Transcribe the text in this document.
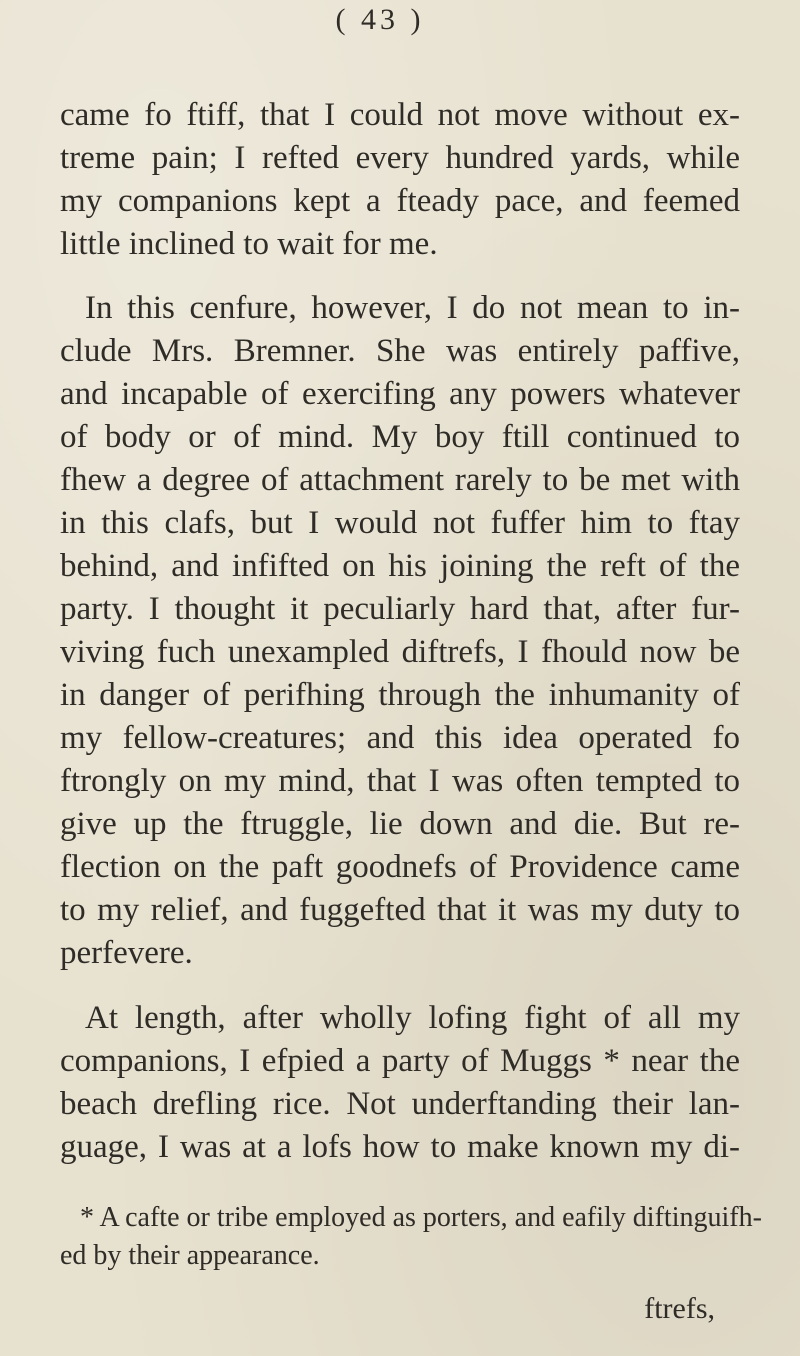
( 43 )
came fo ftiff, that I could not move without ex-
treme pain; I refted every hundred yards, while
my companions kept a fteady pace, and feemed
little inclined to wait for me.
In this cenfure, however, I do not mean to in-
clude Mrs. Bremner. She was entirely paffive,
and incapable of exercifing any powers whatever
of body or of mind. My boy ftill continued to
fhew a degree of attachment rarely to be met with
in this clafs, but I would not fuffer him to ftay
behind, and infifted on his joining the reft of the
party. I thought it peculiarly hard that, after fur-
viving fuch unexampled diftrefs, I fhould now be
in danger of perifhing through the inhumanity of
my fellow-creatures; and this idea operated fo
ftrongly on my mind, that I was often tempted to
give up the ftruggle, lie down and die. But re-
flection on the paft goodnefs of Providence came
to my relief, and fuggefted that it was my duty to
perfevere.
At length, after wholly lofing fight of all my
companions, I efpied a party of Muggs * near the
beach drefling rice. Not underftanding their lan-
guage, I was at a lofs how to make known my di-
* A cafte or tribe employed as porters, and eafily diftinguifh-
ed by their appearance.
ftrefs,
